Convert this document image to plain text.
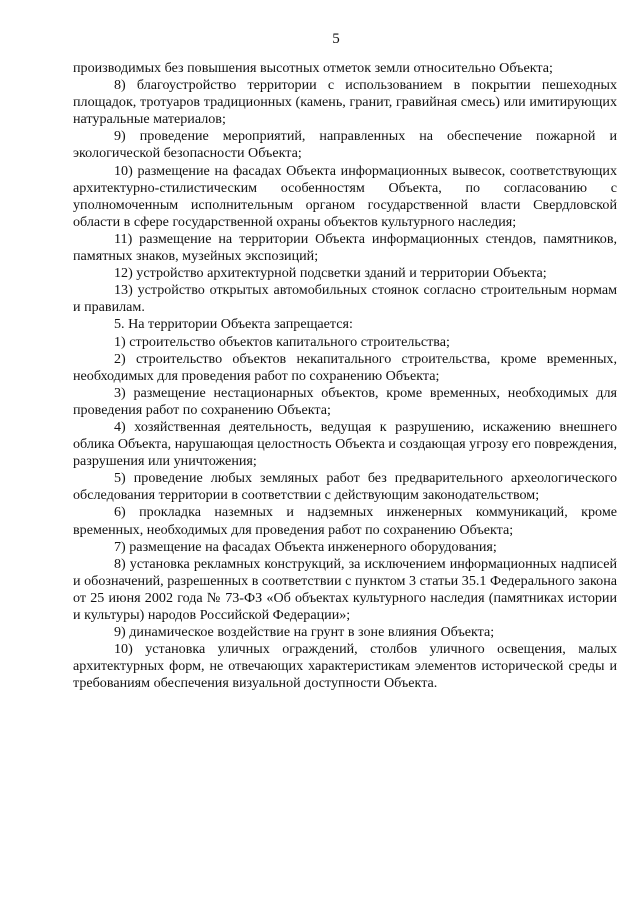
5

производимых без повышения высотных отметок земли относительно Объекта;

8) благоустройство территории с использованием в покрытии пешеходных площадок, тротуаров традиционных (камень, гранит, гравийная смесь) или имитирующих натуральные материалов;

9) проведение мероприятий, направленных на обеспечение пожарной и экологической безопасности Объекта;

10) размещение на фасадах Объекта информационных вывесок, соответствующих архитектурно-стилистическим особенностям Объекта, по согласованию с уполномоченным исполнительным органом государственной власти Свердловской области в сфере государственной охраны объектов культурного наследия;

11) размещение на территории Объекта информационных стендов, памятников, памятных знаков, музейных экспозиций;

12) устройство архитектурной подсветки зданий и территории Объекта;

13) устройство открытых автомобильных стоянок согласно строительным нормам и правилам.

5. На территории Объекта запрещается:

1) строительство объектов капитального строительства;

2) строительство объектов некапитального строительства, кроме временных, необходимых для проведения работ по сохранению Объекта;

3) размещение нестационарных объектов, кроме временных, необходимых для проведения работ по сохранению Объекта;

4) хозяйственная деятельность, ведущая к разрушению, искажению внешнего облика Объекта, нарушающая целостность Объекта и создающая угрозу его повреждения, разрушения или уничтожения;

5) проведение любых земляных работ без предварительного археологического обследования территории в соответствии с действующим законодательством;

6) прокладка наземных и надземных инженерных коммуникаций, кроме временных, необходимых для проведения работ по сохранению Объекта;

7) размещение на фасадах Объекта инженерного оборудования;

8) установка рекламных конструкций, за исключением информационных надписей и обозначений, разрешенных в соответствии с пунктом 3 статьи 35.1 Федерального закона от 25 июня 2002 года № 73-ФЗ «Об объектах культурного наследия (памятниках истории и культуры) народов Российской Федерации»;

9) динамическое воздействие на грунт в зоне влияния Объекта;

10) установка уличных ограждений, столбов уличного освещения, малых архитектурных форм, не отвечающих характеристикам элементов исторической среды и требованиям обеспечения визуальной доступности Объекта.
